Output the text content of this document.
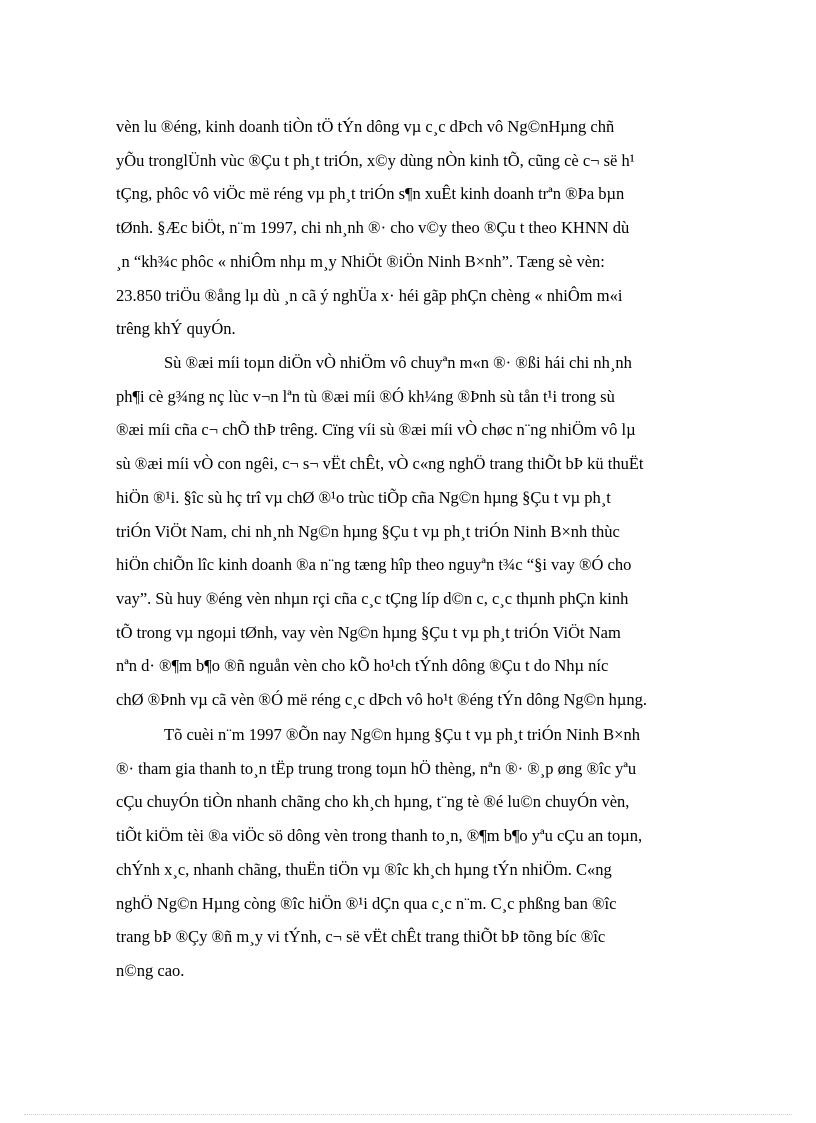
vèn lu ®éng, kinh doanh tiÒn tÖ tÝn dông vµ c¸c dÞch vô Ng©nHµng chñ
yÕu tronglÜnh vùc ®Çu t ph¸t triÓn, x©y dùng nÒn kinh tÕ, cũng cè c¬ së h¹
tÇng, phôc vô viÖc më réng vµ ph¸t triÓn s¶n xuÊt kinh doanh trªn ®Þa bµn
tØnh. §Æc biÖt, n¨m 1997, chi nh¸nh ®· cho v©y theo ®Çu t theo KHNN dù
¸n “kh¾c phôc « nhiÔm nhµ m¸y NhiÖt ®iÖn Ninh B×nh”. Tæng sè vèn:
23.850 triÖu ®ång lµ dù ¸n cã ý nghÜa x· héi gãp phÇn chèng « nhiÔm m«i
trêng khÝ quyÓn.

Sù ®æi míi toµn diÖn vÒ nhiÖm vô chuyªn m«n ®· ®ßi hái chi nh¸nh
ph¶i cè g¾ng nç lùc v¬n lªn tù ®æi míi ®Ó kh¼ng ®Þnh sù tån t¹i trong sù
®æi míi cña c¬ chÕ thÞ trêng. Cïng víi sù ®æi míi vÒ chøc n¨ng nhiÖm vô lµ
sù ®æi míi vÒ con ngêi, c¬ s¬ vËt chÊt, vÒ c«ng nghÖ trang thiÕt bÞ kü thuËt
hiÖn ®¹i. §îc sù hç trî vµ chØ ®¹o trùc tiÕp cña Ng©n hµng §Çu t vµ ph¸t
triÓn ViÖt Nam, chi nh¸nh Ng©n hµng §Çu t vµ ph¸t triÓn Ninh B×nh thùc
hiÖn chiÕn lîc kinh doanh ®a n¨ng tæng hîp theo nguyªn t¾c “§i vay ®Ó cho
vay”. Sù huy ®éng vèn nhµn rçi cña c¸c tÇng líp d©n c, c¸c thµnh phÇn kinh
tÕ trong vµ ngoµi tØnh, vay vèn Ng©n hµng §Çu t vµ ph¸t triÓn ViÖt Nam
nªn d· ®¶m b¶o ®ñ nguån vèn cho kÕ ho¹ch tÝnh dông ®Çu t do Nhµ níc
chØ ®Þnh vµ cã vèn ®Ó më réng c¸c dÞch vô ho¹t ®éng tÝn dông Ng©n hµng.

Tõ cuèi n¨m 1997 ®Õn nay Ng©n hµng §Çu t vµ ph¸t triÓn Ninh B×nh
®· tham gia thanh to¸n tËp trung trong toµn hÖ thèng, nªn ®· ®¸p øng ®îc yªu
cÇu chuyÓn tiÒn nhanh chãng cho kh¸ch hµng, t¨ng tè ®é lu©n chuyÓn vèn,
tiÕt kiÖm tèi ®a viÖc sö dông vèn trong thanh to¸n, ®¶m b¶o yªu cÇu an toµn,
chÝnh x¸c, nhanh chãng, thuËn tiÖn vµ ®îc kh¸ch hµng tÝn nhiÖm. C«ng
nghÖ Ng©n Hµng còng ®îc hiÖn ®¹i dÇn qua c¸c n¨m. C¸c phßng ban ®îc
trang bÞ ®Çy ®ñ m¸y vi tÝnh, c¬ së vËt chÊt trang thiÕt bÞ tõng bíc ®îc
n©ng cao.
